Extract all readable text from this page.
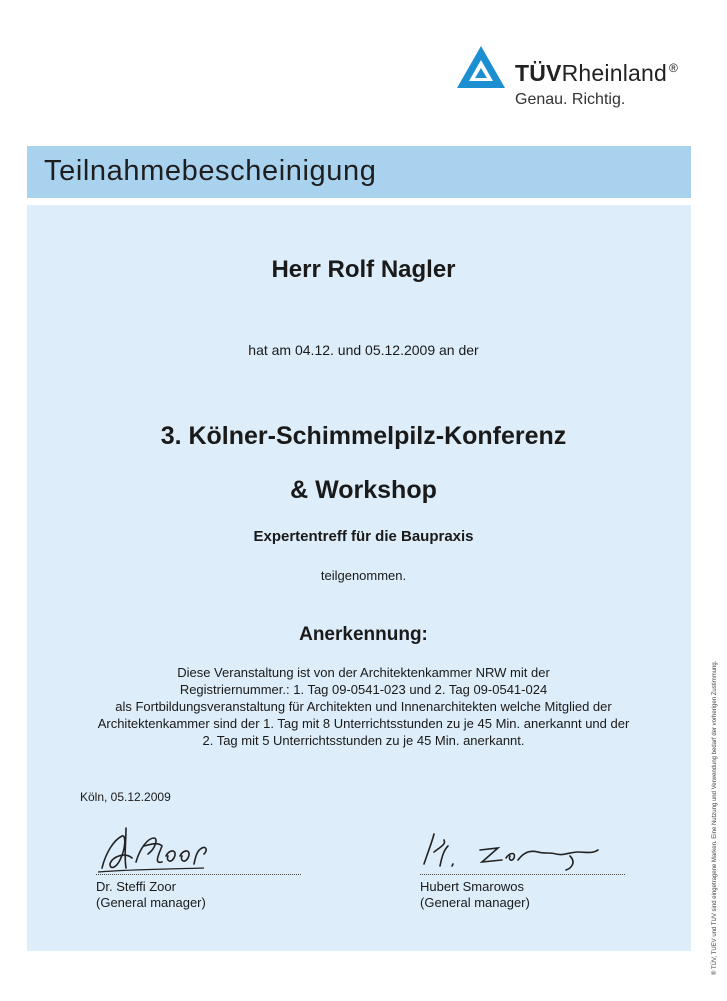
TÜVRheinland ®
Genau. Richtig.
Teilnahmebescheinigung
Herr Rolf Nagler
hat am 04.12. und 05.12.2009 an der
3. Kölner-Schimmelpilz-Konferenz
& Workshop
Expertentreff für die Baupraxis
teilgenommen.
Anerkennung:
Diese Veranstaltung ist von der Architektenkammer NRW mit der
Registriernummer.: 1. Tag 09-0541-023 und 2. Tag 09-0541-024
als Fortbildungsveranstaltung für Architekten und Innenarchitekten welche Mitglied der
Architektenkammer sind der 1. Tag mit 8 Unterrichtsstunden zu je 45 Min. anerkannt und der
2. Tag mit 5 Unterrichtsstunden zu je 45 Min. anerkannt.
Köln, 05.12.2009
Dr. Steffi Zoor
(General manager)
Hubert Smarowos
(General manager)	® TÜV, TUEV und TUV sind eingetragene Marken. Eine Nutzung und Verwendung bedarf der vorherigen Zustimmung.
